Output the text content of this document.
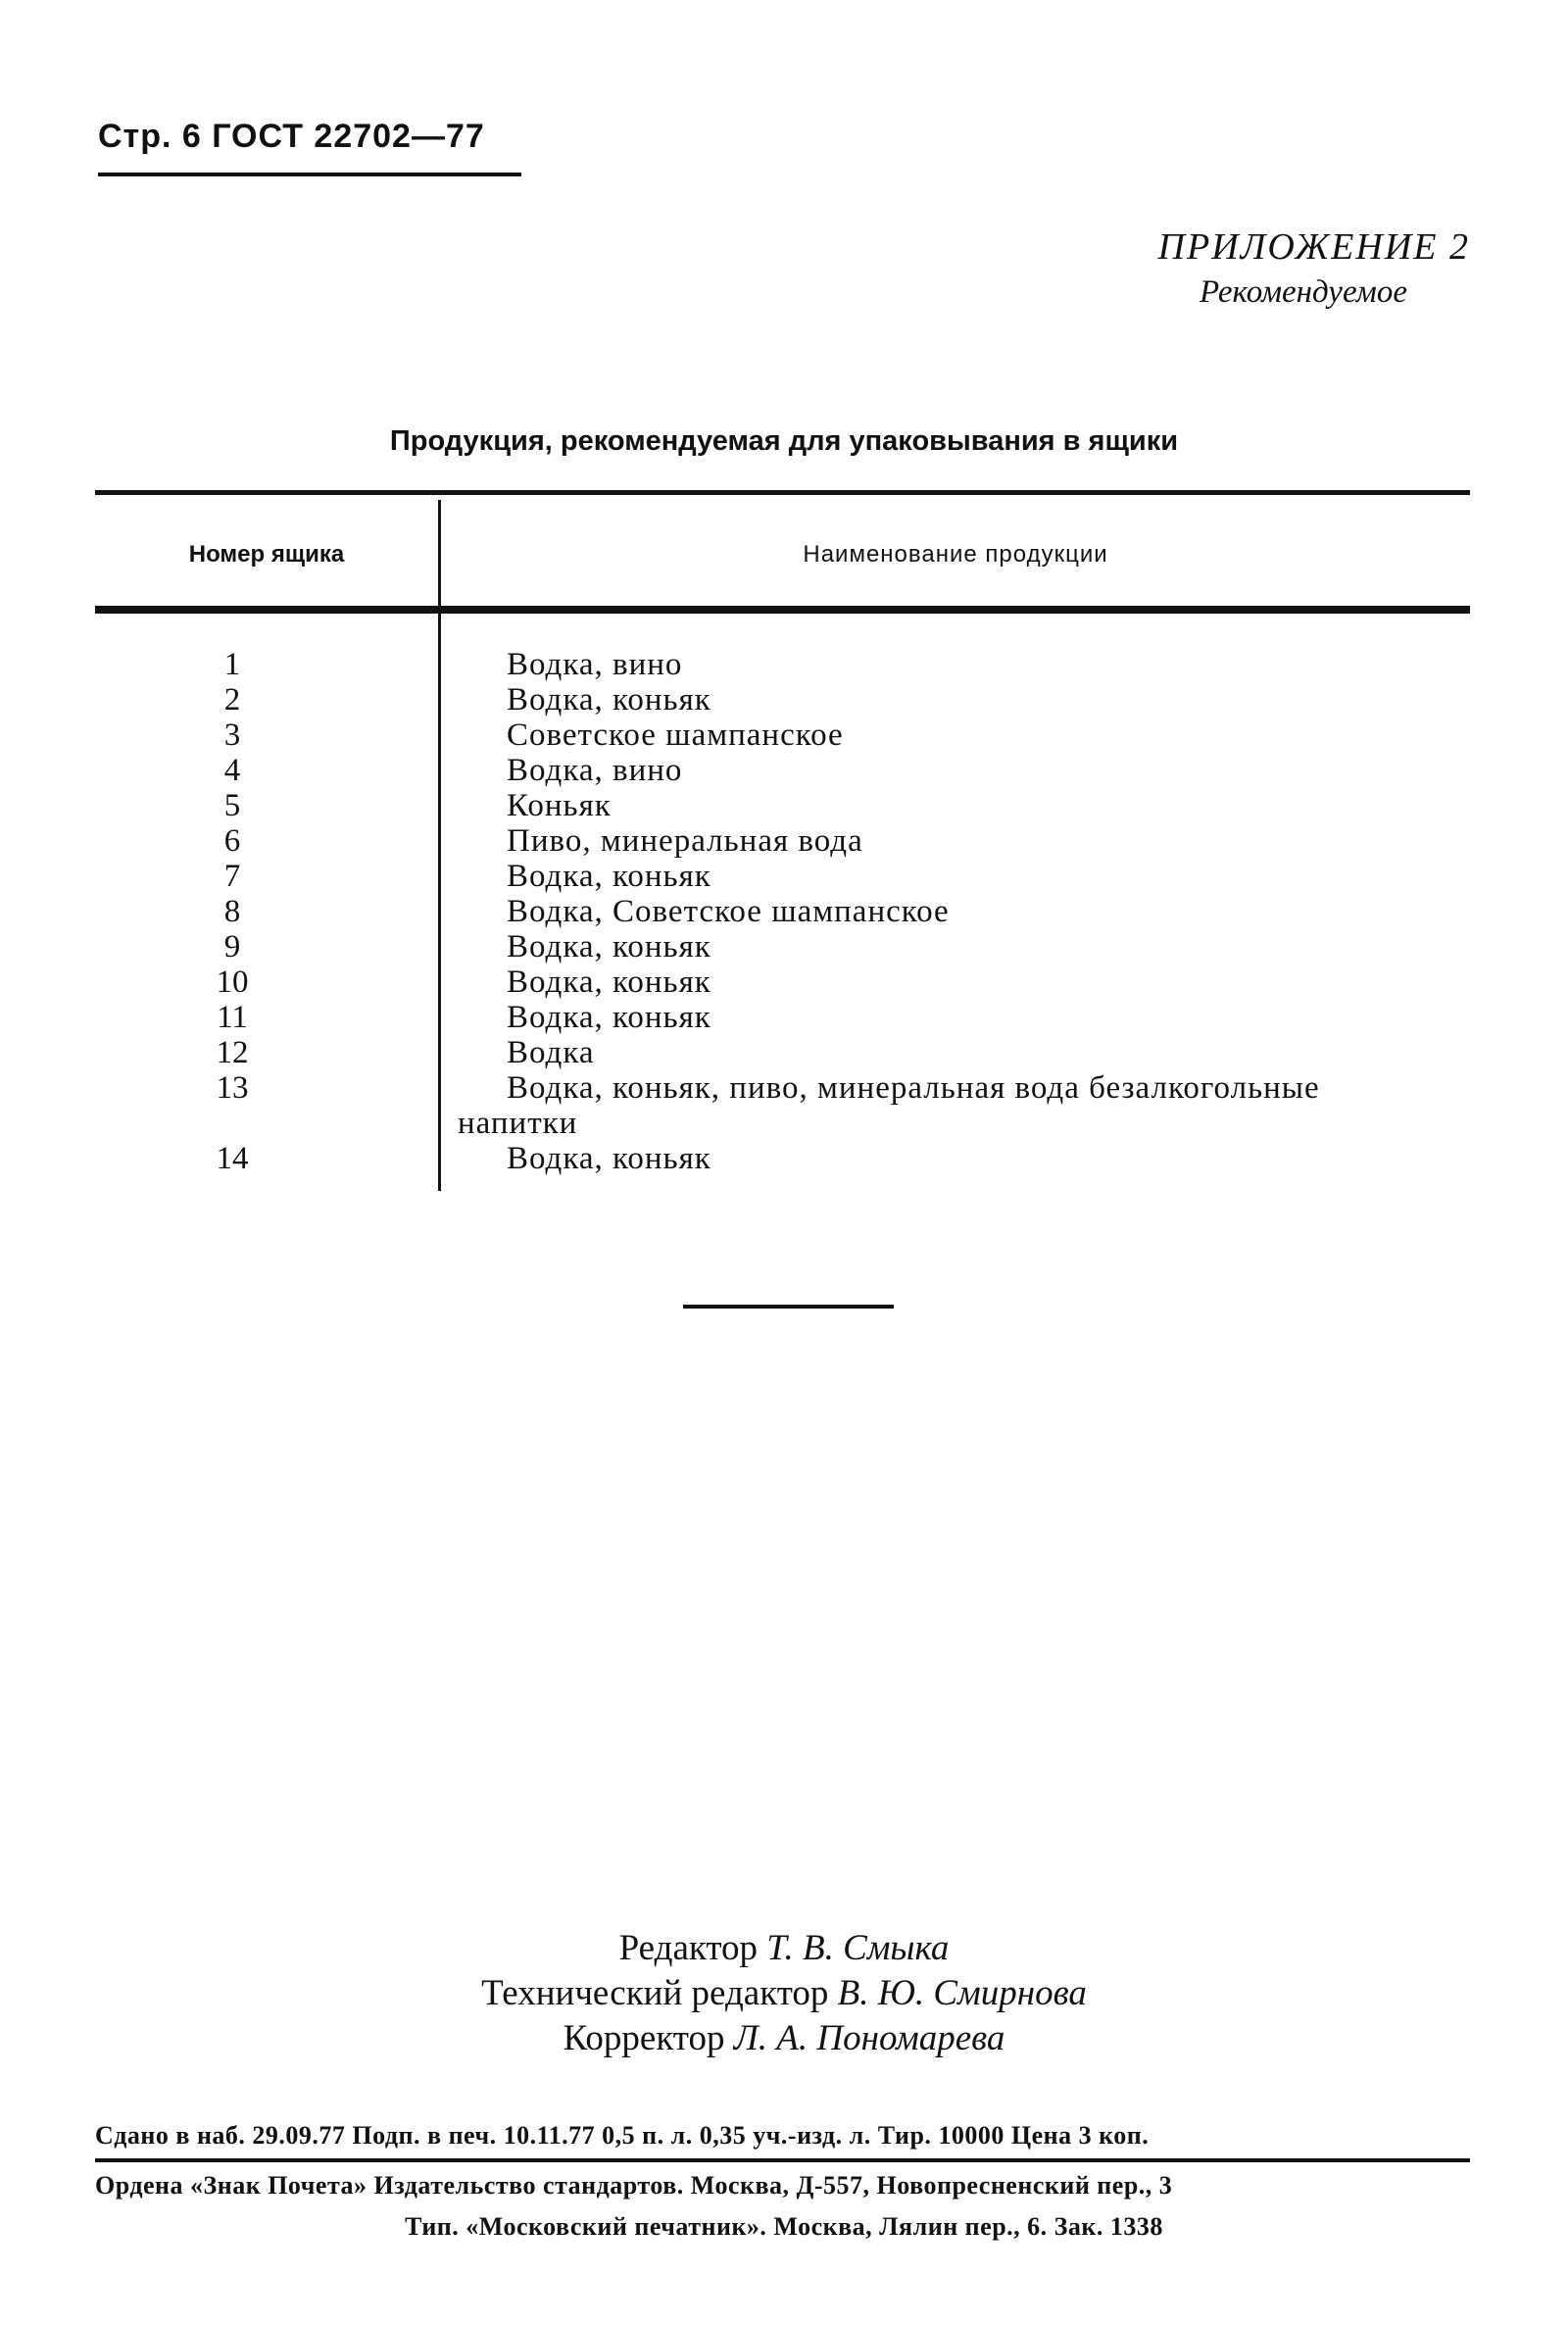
Стр. 6 ГОСТ 22702—77
ПРИЛОЖЕНИЕ 2
Рекомендуемое
Продукция, рекомендуемая для упаковывания в ящики
Номер ящика	Наименование продукции
1	Водка, вино
2	Водка, коньяк
3	Советское шампанское
4	Водка, вино
5	Коньяк
6	Пиво, минеральная вода
7	Водка, коньяк
8	Водка, Советское шампанское
9	Водка, коньяк
10	Водка, коньяк
11	Водка, коньяк
12	Водка
13	Водка, коньяк, пиво, минеральная вода безалкогольные
напитки
14	Водка, коньяк
Редактор Т. В. Смыка
Технический редактор В. Ю. Смирнова
Корректор Л. А. Пономарева
Сдано в наб. 29.09.77 Подп. в печ. 10.11.77 0,5 п. л. 0,35 уч.-изд. л. Тир. 10000 Цена 3 коп.
Ордена «Знак Почета» Издательство стандартов. Москва, Д-557, Новопресненский пер., 3
Тип. «Московский печатник». Москва, Лялин пер., 6. Зак. 1338
